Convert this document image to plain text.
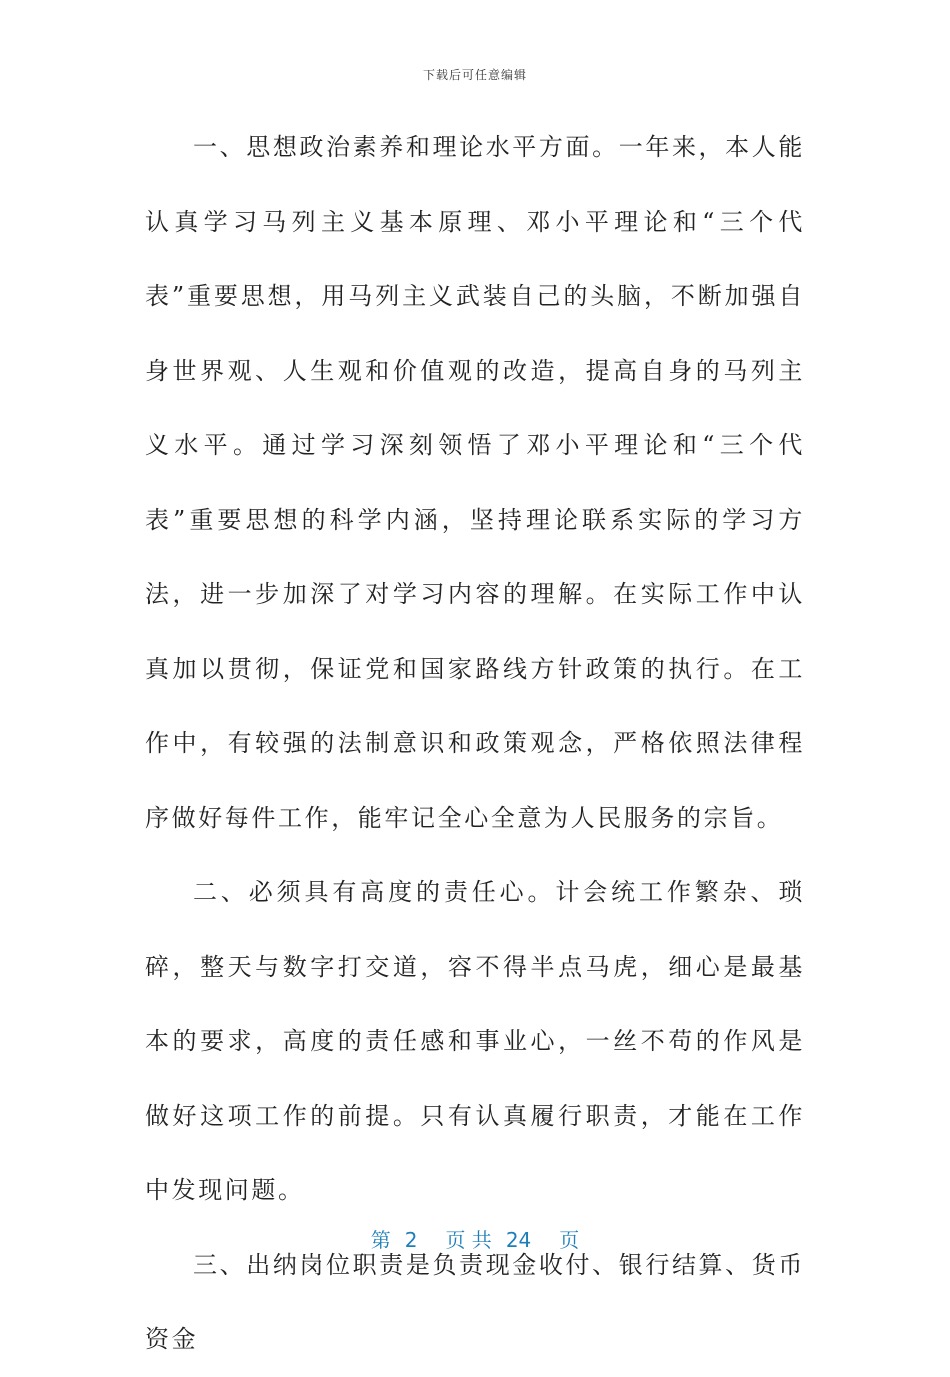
下载后可任意编辑

一、思想政治素养和理论水平方面。一年来，本人能认真学习马列主义基本原理、邓小平理论和“三个代表”重要思想，用马列主义武装自己的头脑，不断加强自身世界观、人生观和价值观的改造，提高自身的马列主义水平。通过学习深刻领悟了邓小平理论和“三个代表”重要思想的科学内涵，坚持理论联系实际的学习方法，进一步加深了对学习内容的理解。在实际工作中认真加以贯彻，保证党和国家路线方针政策的执行。在工作中，有较强的法制意识和政策观念，严格依照法律程序做好每件工作，能牢记全心全意为人民服务的宗旨。

二、必须具有高度的责任心。计会统工作繁杂、琐碎，整天与数字打交道，容不得半点马虎，细心是最基本的要求，高度的责任感和事业心，一丝不苟的作风是做好这项工作的前提。只有认真履行职责，才能在工作中发现问题。

三、出纳岗位职责是负责现金收付、银行结算、货币资金

第 2 页 共 24 页
